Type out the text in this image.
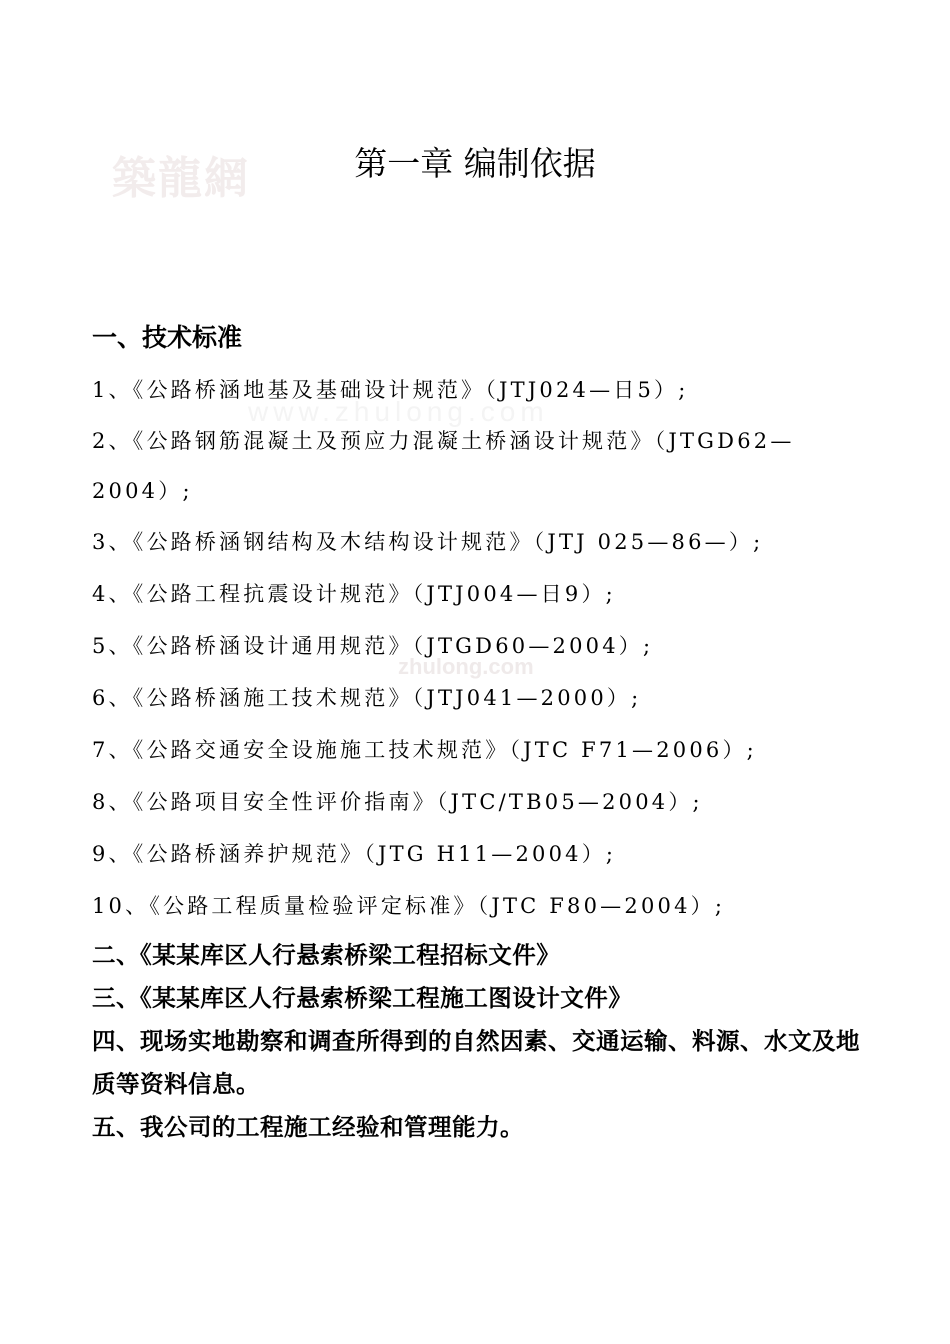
築龍網
www.zhulong.com
zhulong.com
第一章 编制依据
一、技术标准
1、《公路桥涵地基及基础设计规范》（JTJ024—日5）;
2、《公路钢筋混凝土及预应力混凝土桥涵设计规范》（JTGD62—2004）;
3、《公路桥涵钢结构及木结构设计规范》（JTJ 025—86—）;
4、《公路工程抗震设计规范》（JTJ004—日9）;
5、《公路桥涵设计通用规范》（JTGD60—2004）;
6、《公路桥涵施工技术规范》（JTJ041—2000）;
7、《公路交通安全设施施工技术规范》（JTC F71—2006）;
8、《公路项目安全性评价指南》（JTC/TB05—2004）;
9、《公路桥涵养护规范》（JTG H11—2004）;
10、《公路工程质量检验评定标准》（JTC F80—2004）;
二、《某某库区人行悬索桥梁工程招标文件》
三、《某某库区人行悬索桥梁工程施工图设计文件》
四、现场实地勘察和调查所得到的自然因素、交通运输、料源、水文及地质等资料信息。
五、我公司的工程施工经验和管理能力。
